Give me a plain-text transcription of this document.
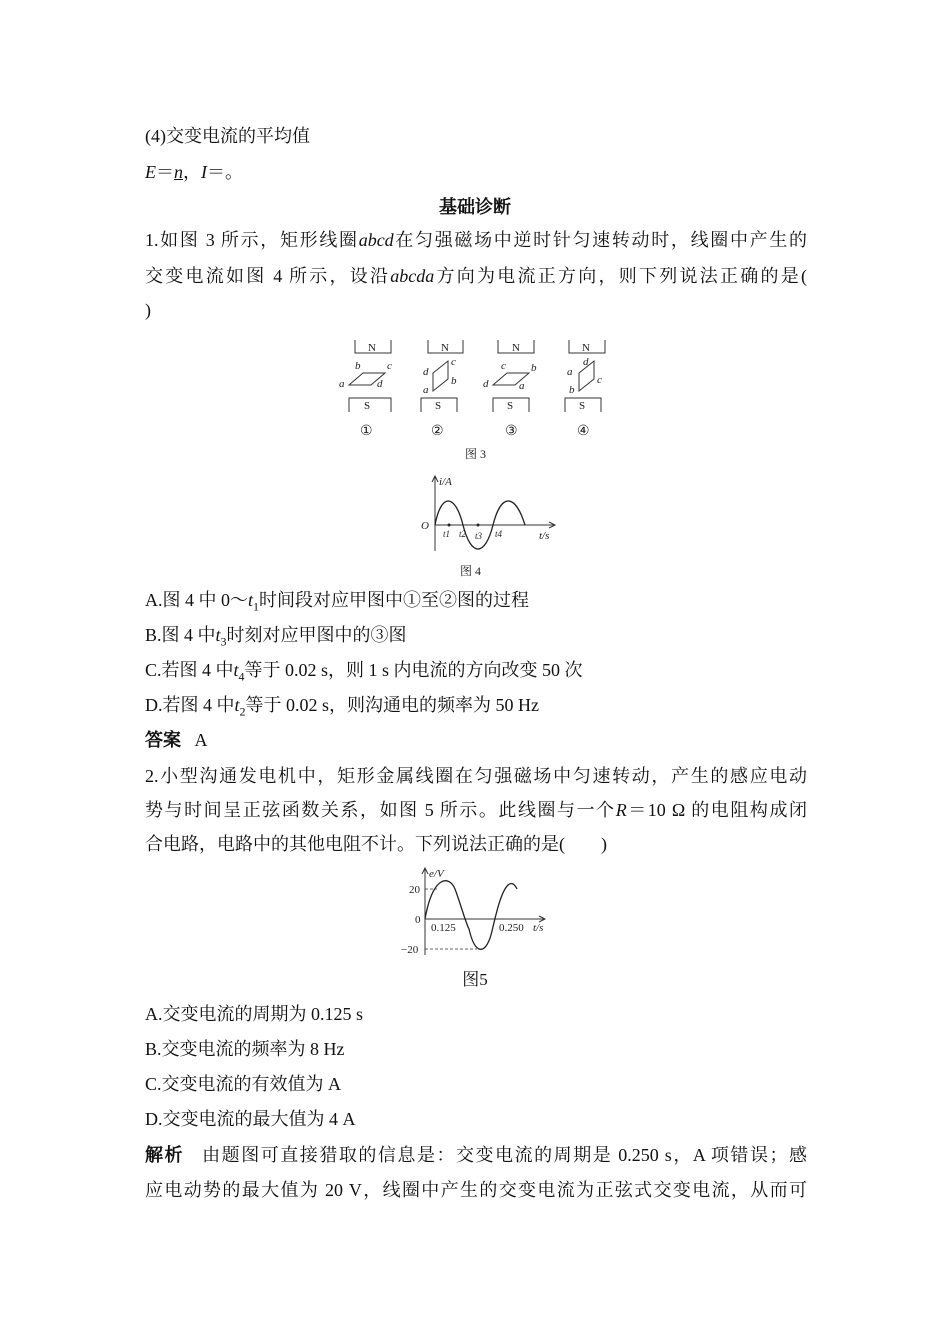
(4)交变电流的平均值
E＝n，I＝。
基础诊断
1.如图 3 所示，矩形线圈abcd在匀强磁场中逆时针匀速转动时，线圈中产生的
交变电流如图 4 所示，设沿abcda方向为电流正方向，则下列说法正确的是(
)
N
b c
a	d
S
①
N
c
d
b
a
S
②
N
c b
d	a
S
③
N
d
a
c
b
S
④
图 3
i/A
O
t/s
t1 t2 t3 t4
图 4
A.图 4 中 $0\sim t_1$时间段对应甲图中①至②图的过程
B.图 4 中$t_3$时刻对应甲图中的③图
C.若图 4 中$t_4$等于 0.02 s，则 1 s 内电流的方向改变 50 次
D.若图 4 中$t_2$等于 0.02 s，则沟通电的频率为 50 Hz
答案 A
2.小型沟通发电机中，矩形金属线圈在匀强磁场中匀速转动，产生的感应电动
势与时间呈正弦函数关系，如图 5 所示。此线圈与一个R＝10 Ω 的电阻构成闭
合电路，电路中的其他电阻不计。下列说法正确的是(　　)
e/V
20
0
−20
0.125	0.250 t/s
图5
A.交变电流的周期为 0.125 s
B.交变电流的频率为 8 Hz
C.交变电流的有效值为 A
D.交变电流的最大值为 4 A
解析 由题图可直接猎取的信息是：交变电流的周期是 0.250 s，A 项错误；感
应电动势的最大值为 20 V，线圈中产生的交变电流为正弦式交变电流，从而可
